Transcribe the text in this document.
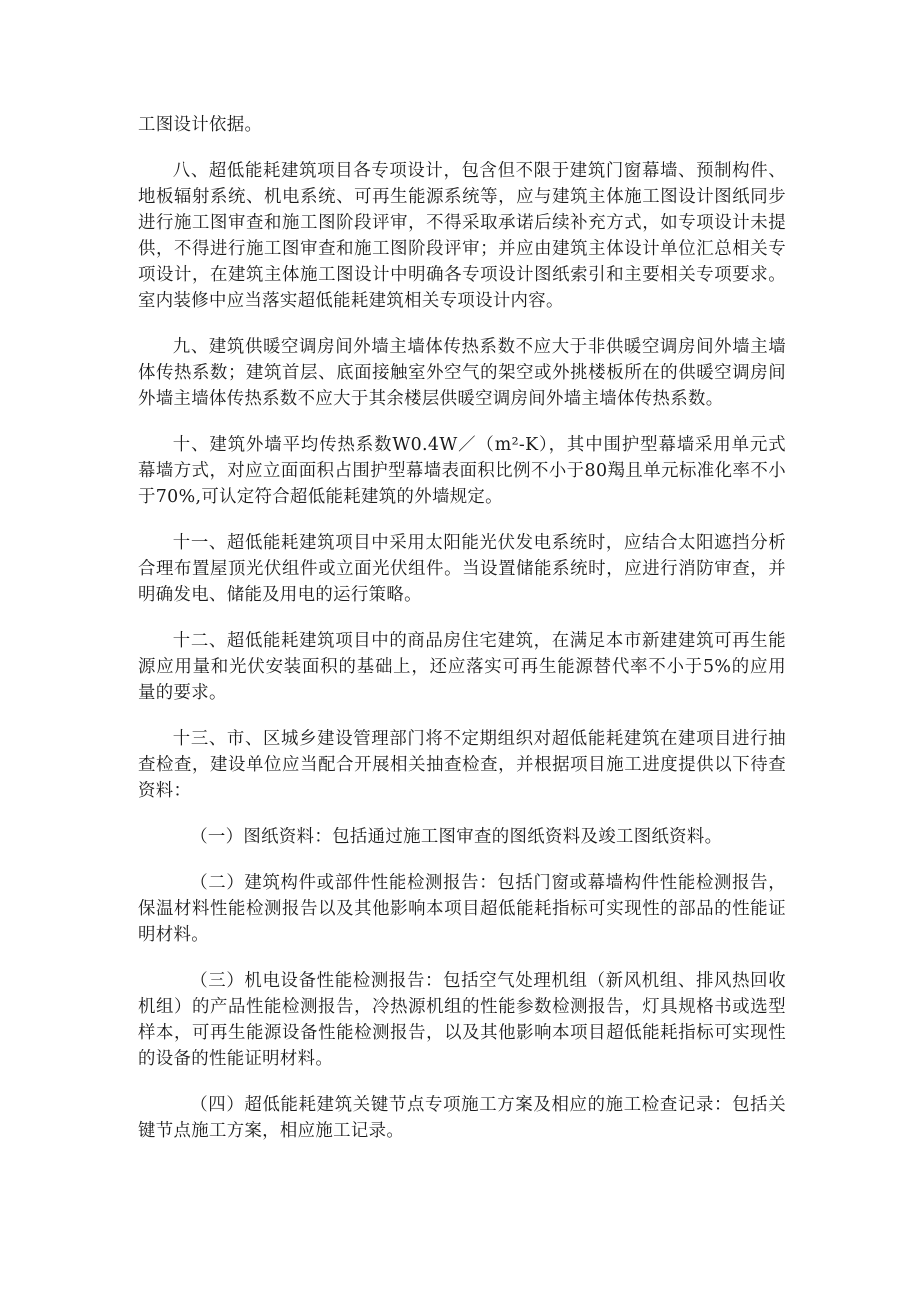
工图设计依据。

八、超低能耗建筑项目各专项设计，包含但不限于建筑门窗幕墙、预制构件、地板辐射系统、机电系统、可再生能源系统等，应与建筑主体施工图设计图纸同步进行施工图审查和施工图阶段评审，不得采取承诺后续补充方式，如专项设计未提供，不得进行施工图审查和施工图阶段评审；并应由建筑主体设计单位汇总相关专项设计，在建筑主体施工图设计中明确各专项设计图纸索引和主要相关专项要求。室内装修中应当落实超低能耗建筑相关专项设计内容。

九、建筑供暖空调房间外墙主墙体传热系数不应大于非供暖空调房间外墙主墙体传热系数；建筑首层、底面接触室外空气的架空或外挑楼板所在的供暖空调房间外墙主墙体传热系数不应大于其余楼层供暖空调房间外墙主墙体传热系数。

十、建筑外墙平均传热系数W0.4W／（m²-K），其中围护型幕墙采用单元式幕墙方式，对应立面面积占围护型幕墙表面积比例不小于80羯且单元标准化率不小于70%,可认定符合超低能耗建筑的外墙规定。

十一、超低能耗建筑项目中采用太阳能光伏发电系统时，应结合太阳遮挡分析合理布置屋顶光伏组件或立面光伏组件。当设置储能系统时，应进行消防审查，并明确发电、储能及用电的运行策略。

十二、超低能耗建筑项目中的商品房住宅建筑，在满足本市新建建筑可再生能源应用量和光伏安装面积的基础上，还应落实可再生能源替代率不小于5%的应用量的要求。

十三、市、区城乡建设管理部门将不定期组织对超低能耗建筑在建项目进行抽查检查，建设单位应当配合开展相关抽查检查，并根据项目施工进度提供以下待查资料：

（一）图纸资料：包括通过施工图审查的图纸资料及竣工图纸资料。

（二）建筑构件或部件性能检测报告：包括门窗或幕墙构件性能检测报告，保温材料性能检测报告以及其他影响本项目超低能耗指标可实现性的部品的性能证明材料。

（三）机电设备性能检测报告：包括空气处理机组（新风机组、排风热回收机组）的产品性能检测报告，冷热源机组的性能参数检测报告，灯具规格书或选型样本，可再生能源设备性能检测报告，以及其他影响本项目超低能耗指标可实现性的设备的性能证明材料。

（四）超低能耗建筑关键节点专项施工方案及相应的施工检查记录：包括关键节点施工方案，相应施工记录。
